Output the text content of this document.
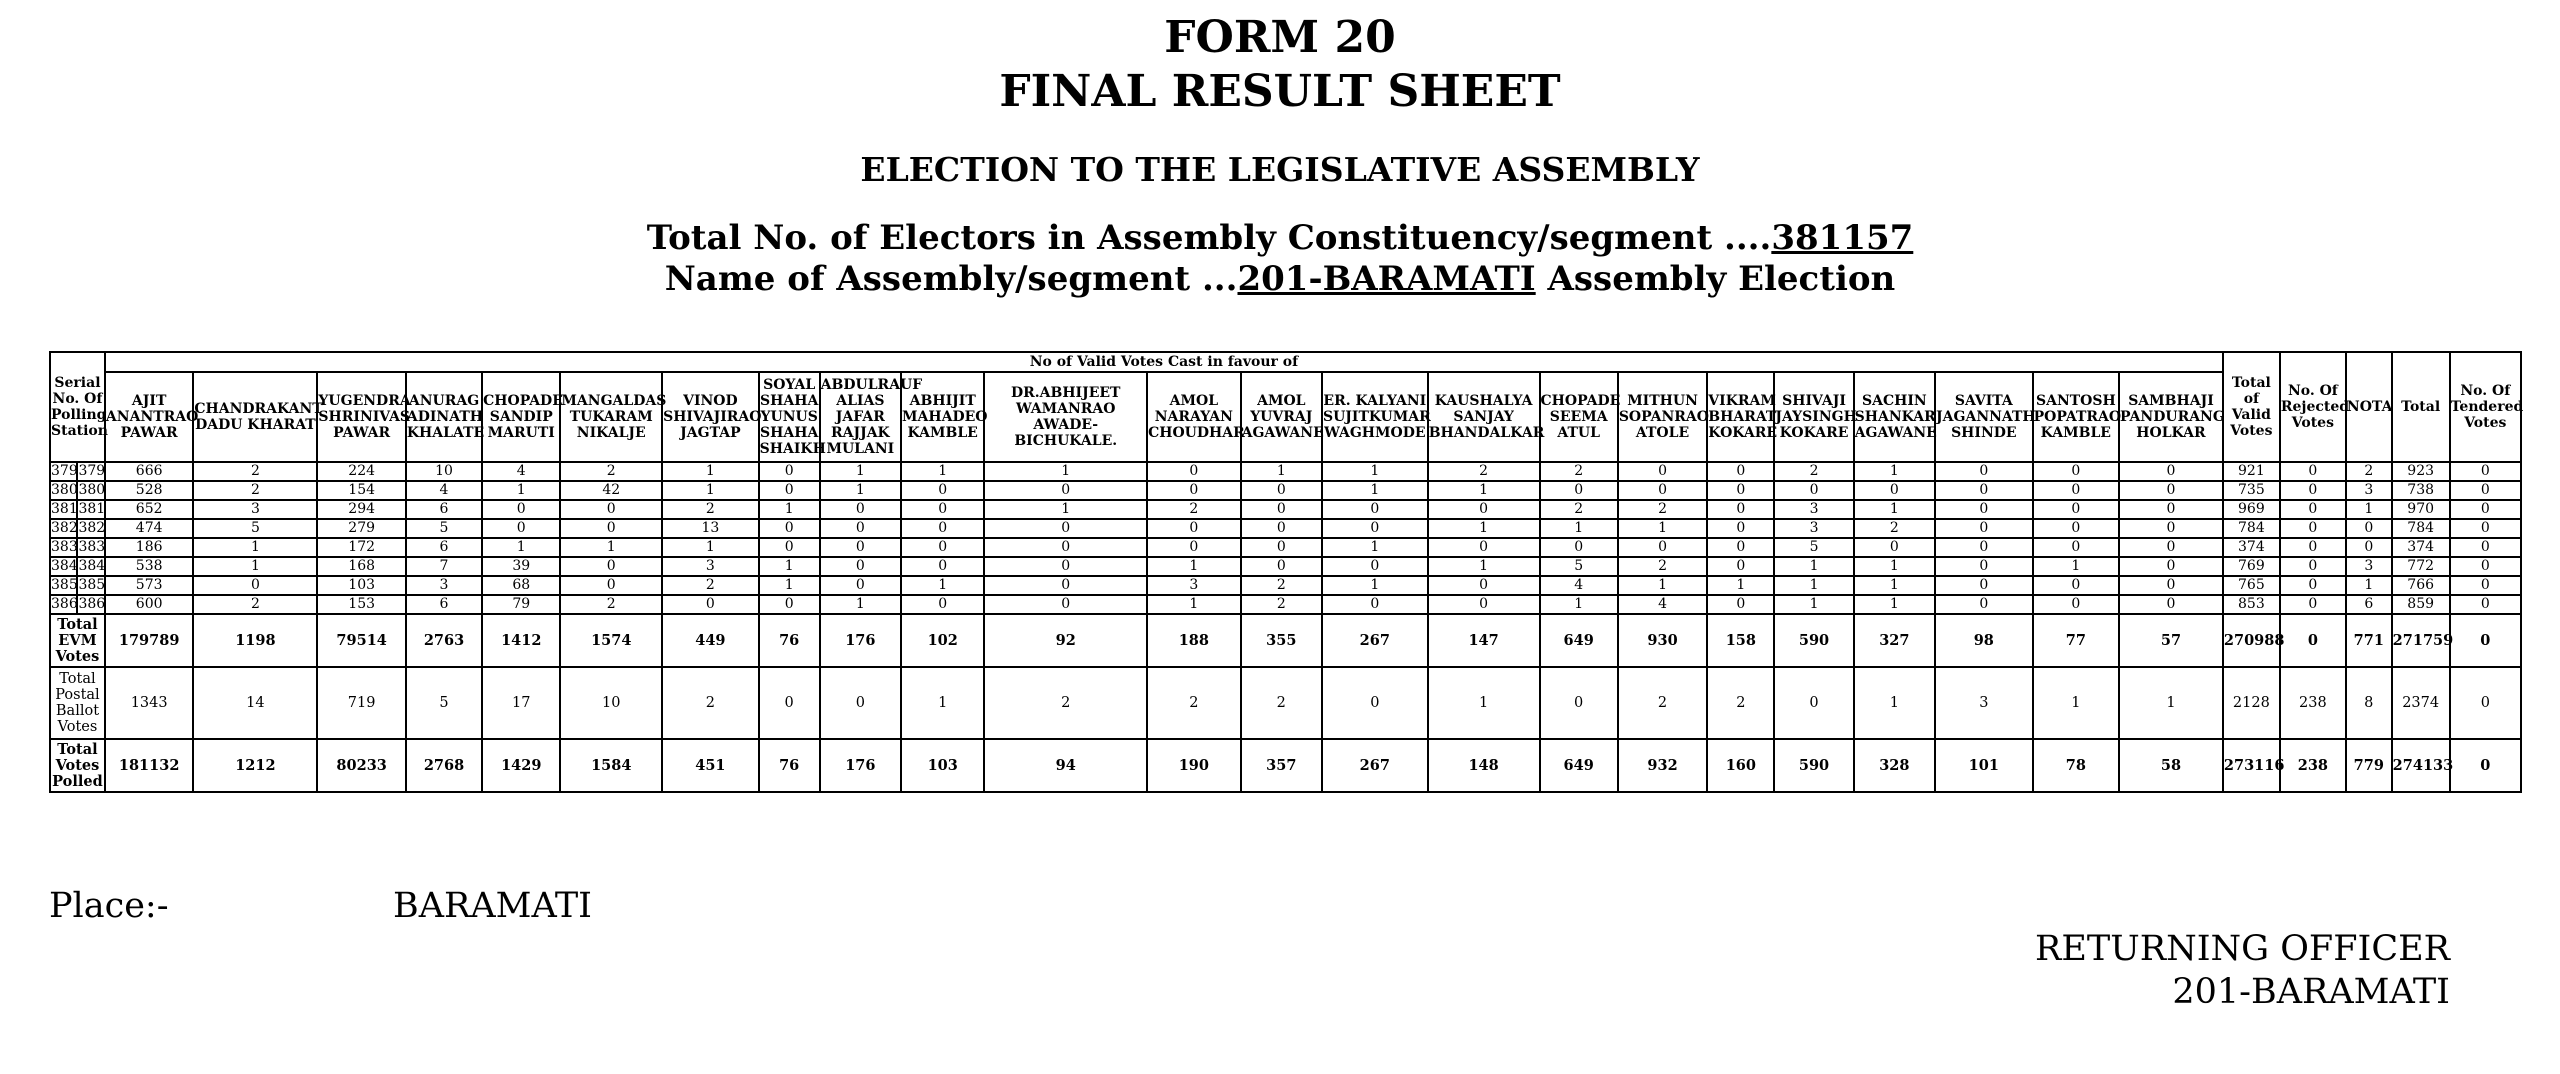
FORM 20
FINAL RESULT SHEET
ELECTION TO THE LEGISLATIVE ASSEMBLY
Total No. of Electors in Assembly Constituency/segment ....381157
Name of Assembly/segment ...201-BARAMATI Assembly Election
Serial No. Of Polling Station		No of Valid Votes Cast in favour of																							Total of Valid Votes	No. Of Rejected Votes	NOTA	Total	No. Of Tendered Votes
		AJIT ANANTRAO PAWAR	CHANDRAKANT DADU KHARAT	YUGENDRA SHRINIVAS PAWAR	ANURAG ADINATH KHALATE	CHOPADE SANDIP MARUTI	MANGALDAS TUKARAM NIKALJE	VINOD SHIVAJIRAO JAGTAP	SOYAL SHAHA YUNUS SHAHA SHAIKH	ABDULRAUF ALIAS JAFAR RAJJAK MULANI	ABHIJIT MAHADEO KAMBLE	DR.ABHIJEET WAMANRAO AWADE-BICHUKALE.	AMOL NARAYAN CHOUDHAR	AMOL YUVRAJ AGAWANE	ER. KALYANI SUJITKUMAR WAGHMODE	KAUSHALYA SANJAY BHANDALKAR	CHOPADE SEEMA ATUL	MITHUN SOPANRAO ATOLE	VIKRAM BHARAT KOKARE	SHIVAJI JAYSINGH KOKARE	SACHIN SHANKAR AGAWANE	SAVITA JAGANNATH SHINDE	SANTOSH POPATRAO KAMBLE	SAMBHAJI PANDURANG HOLKAR					
379	379	666	2	224	10	4	2	1	0	1	1	1	0	1	1	2	2	0	0	2	1	0	0	0	921	0	2	923	0
380	380	528	2	154	4	1	42	1	0	1	0	0	0	0	1	1	0	0	0	0	0	0	0	0	735	0	3	738	0
381	381	652	3	294	6	0	0	2	1	0	0	1	2	0	0	0	2	2	0	3	1	0	0	0	969	0	1	970	0
382	382	474	5	279	5	0	0	13	0	0	0	0	0	0	0	1	1	1	0	3	2	0	0	0	784	0	0	784	0
383	383	186	1	172	6	1	1	1	0	0	0	0	0	0	1	0	0	0	0	5	0	0	0	0	374	0	0	374	0
384	384	538	1	168	7	39	0	3	1	0	0	0	1	0	0	1	5	2	0	1	1	0	1	0	769	0	3	772	0
385	385	573	0	103	3	68	0	2	1	0	1	0	3	2	1	0	4	1	1	1	1	0	0	0	765	0	1	766	0
386	386	600	2	153	6	79	2	0	0	1	0	0	1	2	0	0	1	4	0	1	1	0	0	0	853	0	6	859	0
Total EVM Votes		179789	1198	79514	2763	1412	1574	449	76	176	102	92	188	355	267	147	649	930	158	590	327	98	77	57	270988	0	771	271759	0
Total Postal Ballot Votes		1343	14	719	5	17	10	2	0	0	1	2	2	2	0	1	0	2	2	0	1	3	1	1	2128	238	8	2374	0
Total Votes Polled		181132	1212	80233	2768	1429	1584	451	76	176	103	94	190	357	267	148	649	932	160	590	328	101	78	58	273116	238	779	274133	0
Place:-	BARAMATI
RETURNING OFFICER
201-BARAMATI
